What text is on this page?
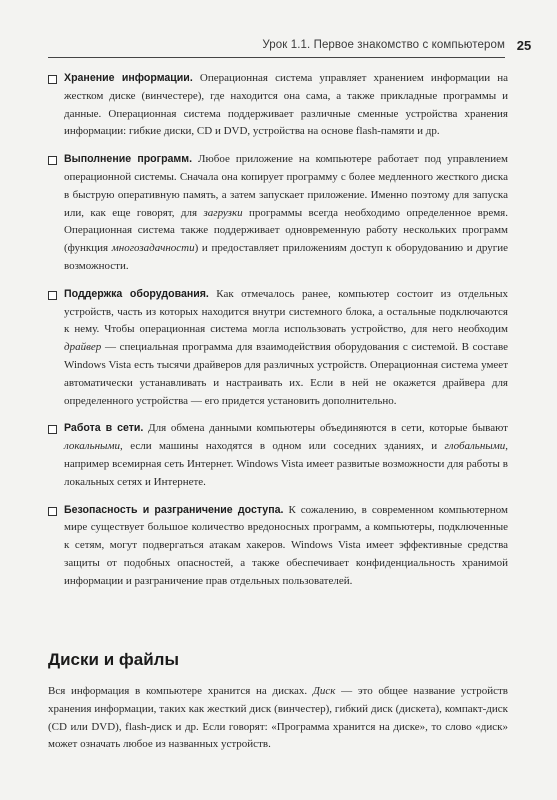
Урок 1.1. Первое знакомство с компьютером 25
Хранение информации. Операционная система управляет хранением информации на жестком диске (винчестере), где находится она сама, а также прикладные программы и данные. Операционная система поддерживает различные сменные устройства хранения информации: гибкие диски, CD и DVD, устройства на основе flash-памяти и др.
Выполнение программ. Любое приложение на компьютере работает под управлением операционной системы. Сначала она копирует программу с более медленного жесткого диска в быструю оперативную память, а затем запускает приложение. Именно поэтому для запуска или, как еще говорят, для загрузки программы всегда необходимо определенное время. Операционная система также поддерживает одновременную работу нескольких программ (функция многозадачности) и предоставляет приложениям доступ к оборудованию и другие возможности.
Поддержка оборудования. Как отмечалось ранее, компьютер состоит из отдельных устройств, часть из которых находится внутри системного блока, а остальные подключаются к нему. Чтобы операционная система могла использовать устройство, для него необходим драйвер — специальная программа для взаимодействия оборудования с системой. В составе Windows Vista есть тысячи драйверов для различных устройств. Операционная система умеет автоматически устанавливать и настраивать их. Если в ней не окажется драйвера для определенного устройства — его придется установить дополнительно.
Работа в сети. Для обмена данными компьютеры объединяются в сети, которые бывают локальными, если машины находятся в одном или соседних зданиях, и глобальными, например всемирная сеть Интернет. Windows Vista имеет развитые возможности для работы в локальных сетях и Интернете.
Безопасность и разграничение доступа. К сожалению, в современном компьютерном мире существует большое количество вредоносных программ, а компьютеры, подключенные к сетям, могут подвергаться атакам хакеров. Windows Vista имеет эффективные средства защиты от подобных опасностей, а также обеспечивает конфиденциальность хранимой информации и разграничение прав отдельных пользователей.
Диски и файлы

Вся информация в компьютере хранится на дисках. Диск — это общее название устройств хранения информации, таких как жесткий диск (винчестер), гибкий диск (дискета), компакт-диск (CD или DVD), flash-диск и др. Если говорят: «Программа хранится на диске», то слово «диск» может означать любое из названных устройств.
